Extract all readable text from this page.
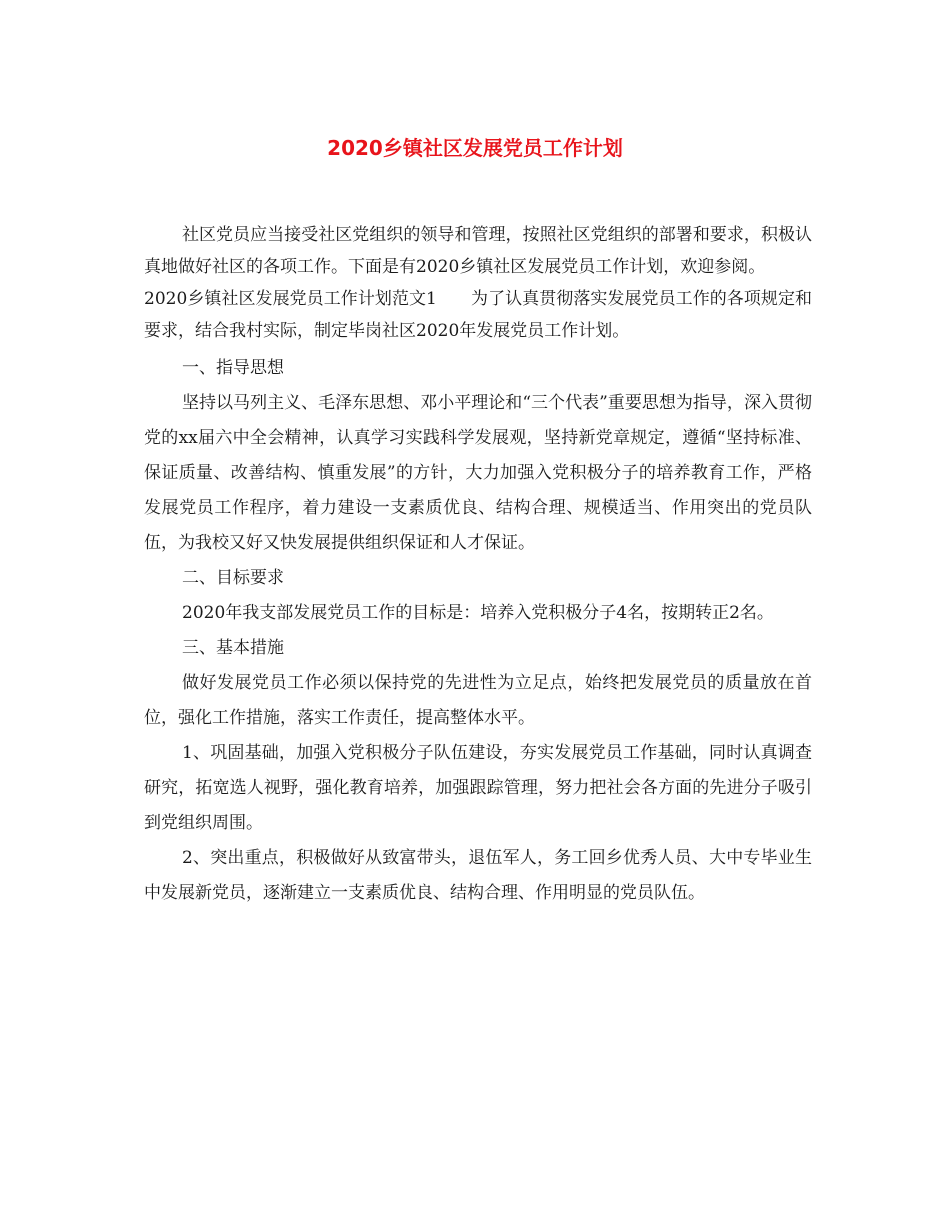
2020乡镇社区发展党员工作计划

社区党员应当接受社区党组织的领导和管理，按照社区党组织的部署和要求，积极认真地做好社区的各项工作。下面是有2020乡镇社区发展党员工作计划，欢迎参阅。

2020乡镇社区发展党员工作计划范文1　　为了认真贯彻落实发展党员工作的各项规定和要求，结合我村实际，制定毕岗社区2020年发展党员工作计划。

一、指导思想

坚持以马列主义、毛泽东思想、邓小平理论和“三个代表”重要思想为指导，深入贯彻党的xx届六中全会精神，认真学习实践科学发展观，坚持新党章规定，遵循“坚持标准、保证质量、改善结构、慎重发展”的方针，大力加强入党积极分子的培养教育工作，严格发展党员工作程序，着力建设一支素质优良、结构合理、规模适当、作用突出的党员队伍，为我校又好又快发展提供组织保证和人才保证。

二、目标要求

2020年我支部发展党员工作的目标是：培养入党积极分子4名，按期转正2名。

三、基本措施

做好发展党员工作必须以保持党的先进性为立足点，始终把发展党员的质量放在首位，强化工作措施，落实工作责任，提高整体水平。

1、巩固基础，加强入党积极分子队伍建设，夯实发展党员工作基础，同时认真调查研究，拓宽选人视野，强化教育培养，加强跟踪管理，努力把社会各方面的先进分子吸引到党组织周围。

2、突出重点，积极做好从致富带头，退伍军人，务工回乡优秀人员、大中专毕业生中发展新党员，逐渐建立一支素质优良、结构合理、作用明显的党员队伍。
